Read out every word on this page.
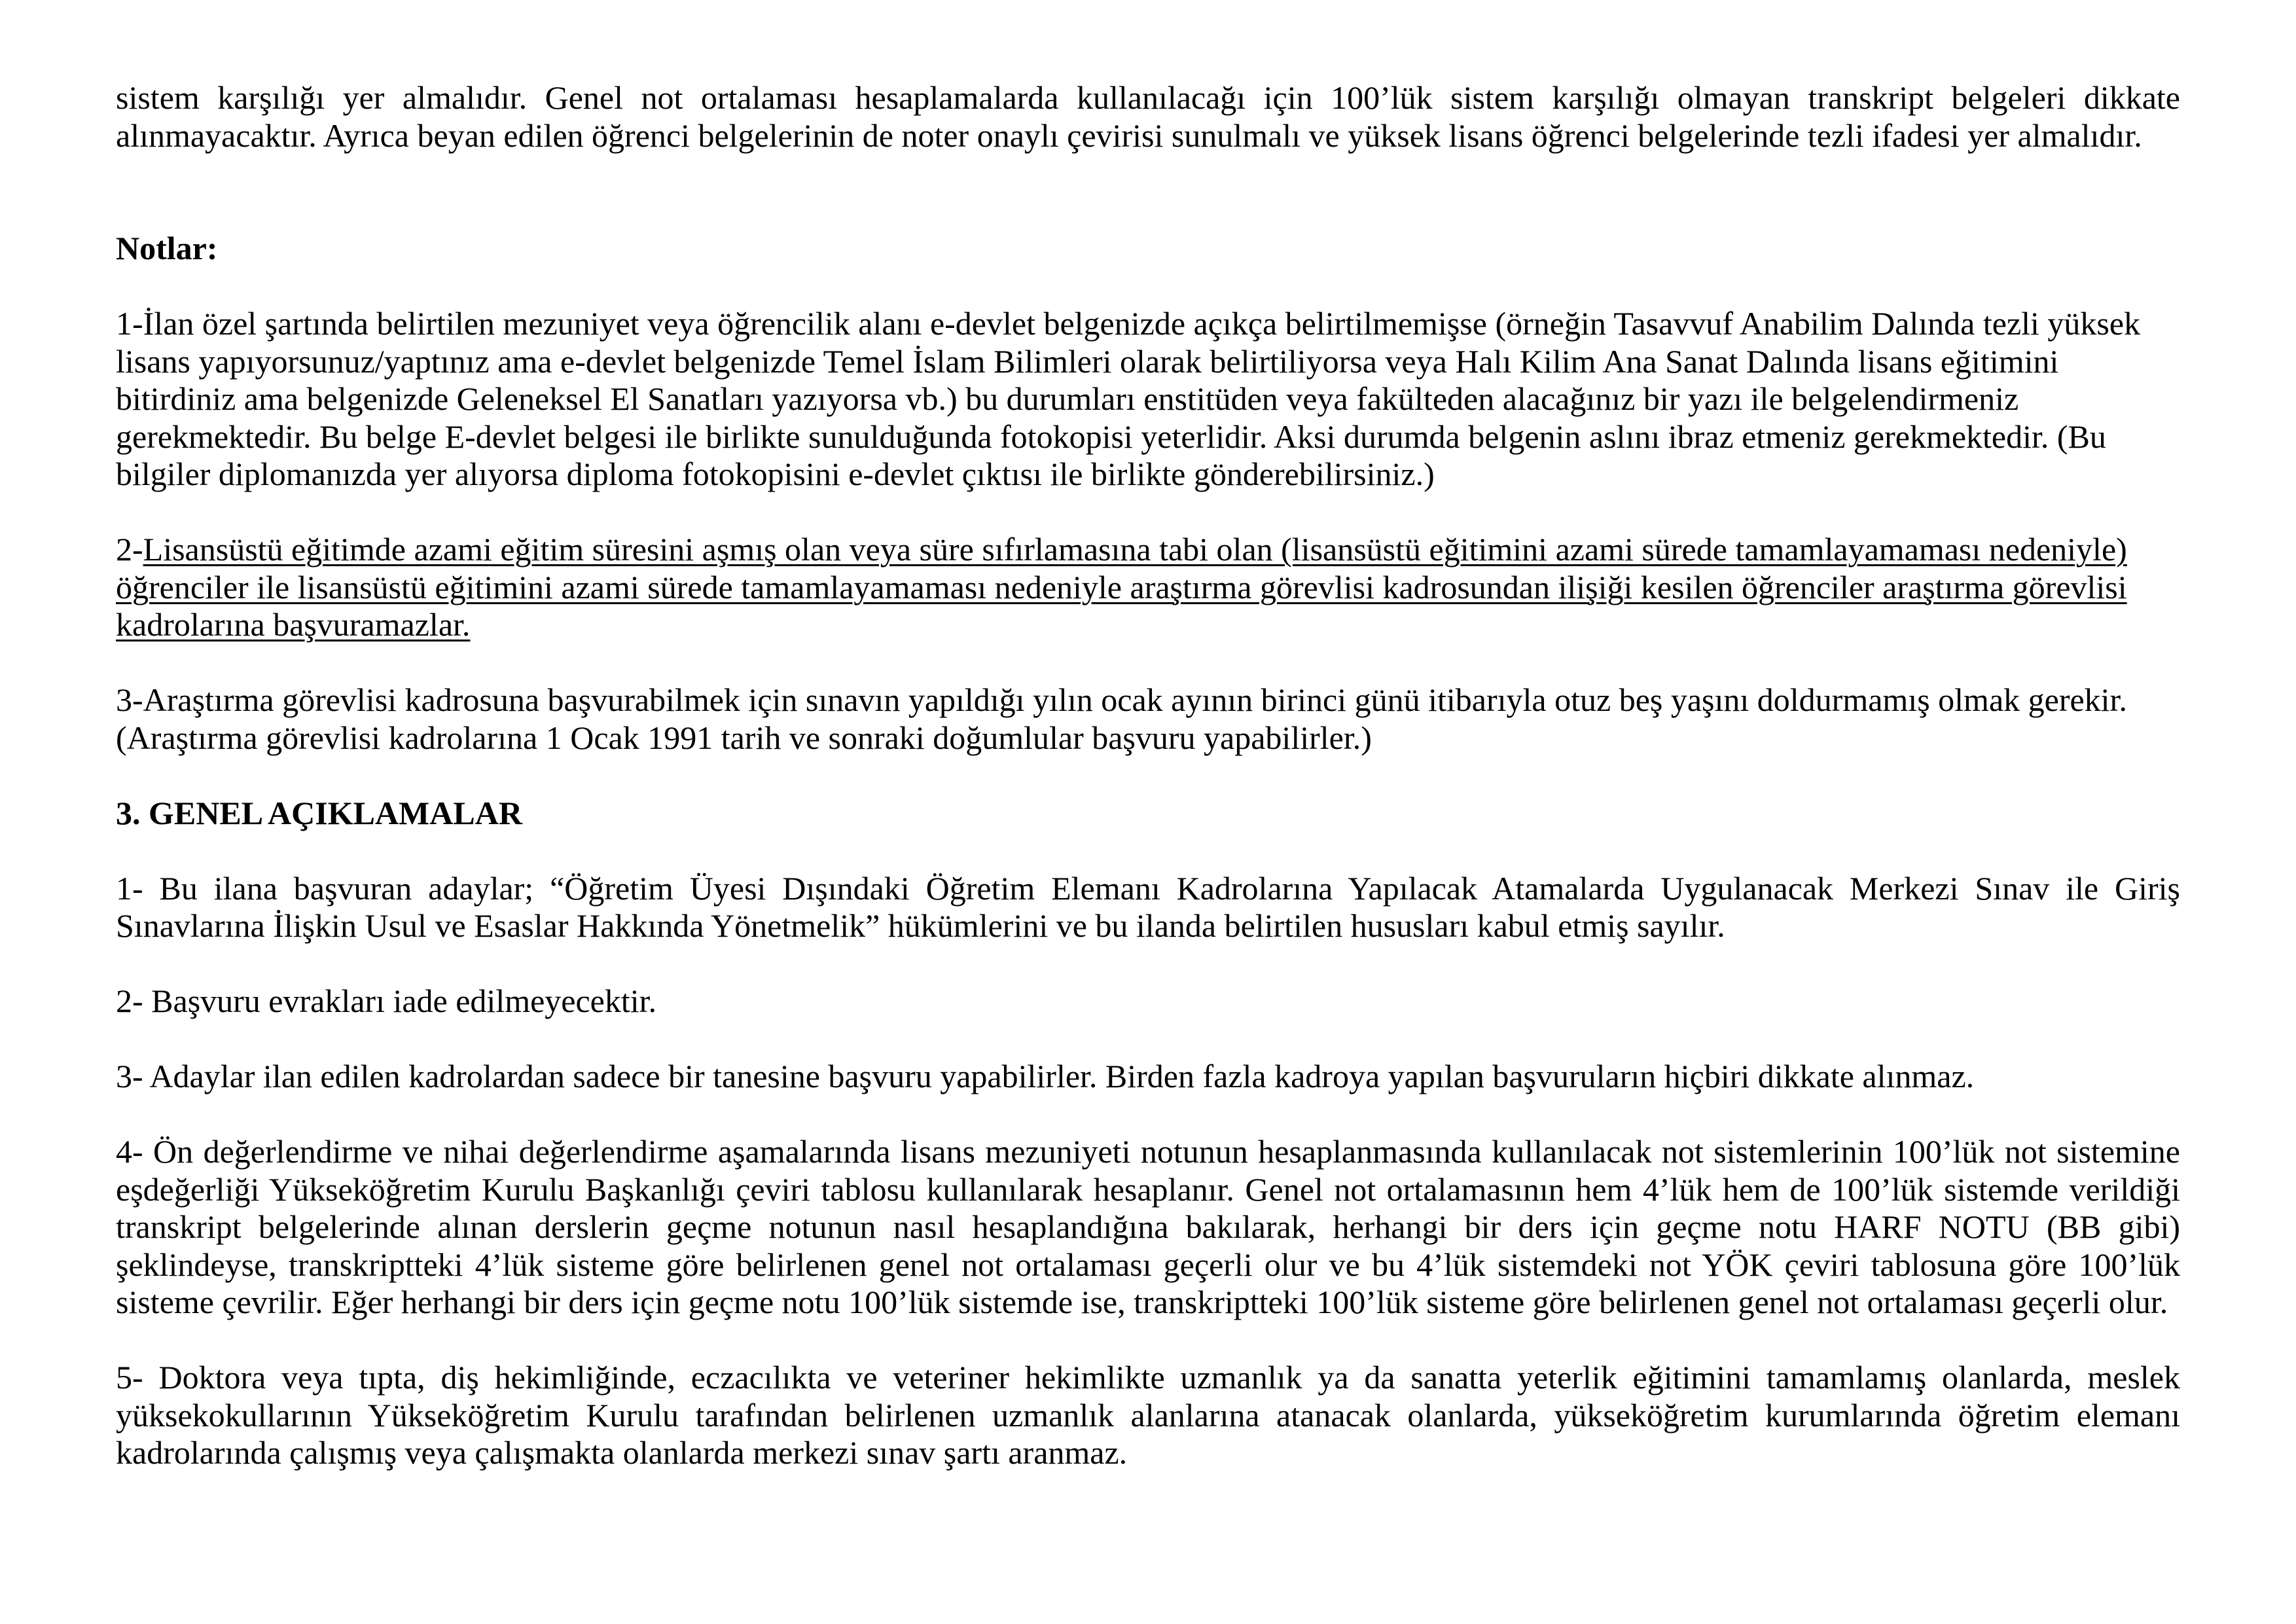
sistem karşılığı yer almalıdır. Genel not ortalaması hesaplamalarda kullanılacağı için 100’lük sistem karşılığı olmayan transkript belgeleri dikkate
alınmayacaktır. Ayrıca beyan edilen öğrenci belgelerinin de noter onaylı çevirisi sunulmalı ve yüksek lisans öğrenci belgelerinde tezli ifadesi yer almalıdır.
Notlar:
1-İlan özel şartında belirtilen mezuniyet veya öğrencilik alanı e-devlet belgenizde açıkça belirtilmemişse (örneğin Tasavvuf Anabilim Dalında tezli yüksek
lisans yapıyorsunuz/yaptınız ama e-devlet belgenizde Temel İslam Bilimleri olarak belirtiliyorsa veya Halı Kilim Ana Sanat Dalında lisans eğitimini
bitirdiniz ama belgenizde Geleneksel El Sanatları yazıyorsa vb.) bu durumları enstitüden veya fakülteden alacağınız bir yazı ile belgelendirmeniz
gerekmektedir. Bu belge E-devlet belgesi ile birlikte sunulduğunda fotokopisi yeterlidir. Aksi durumda belgenin aslını ibraz etmeniz gerekmektedir. (Bu
bilgiler diplomanızda yer alıyorsa diploma fotokopisini e-devlet çıktısı ile birlikte gönderebilirsiniz.)
2-Lisansüstü eğitimde azami eğitim süresini aşmış olan veya süre sıfırlamasına tabi olan (lisansüstü eğitimini azami sürede tamamlayamaması nedeniyle)
öğrenciler ile lisansüstü eğitimini azami sürede tamamlayamaması nedeniyle araştırma görevlisi kadrosundan ilişiği kesilen öğrenciler araştırma görevlisi
kadrolarına başvuramazlar.
3-Araştırma görevlisi kadrosuna başvurabilmek için sınavın yapıldığı yılın ocak ayının birinci günü itibarıyla otuz beş yaşını doldurmamış olmak gerekir.
(Araştırma görevlisi kadrolarına 1 Ocak 1991 tarih ve sonraki doğumlular başvuru yapabilirler.)
3. GENEL AÇIKLAMALAR
1- Bu ilana başvuran adaylar; “Öğretim Üyesi Dışındaki Öğretim Elemanı Kadrolarına Yapılacak Atamalarda Uygulanacak Merkezi Sınav ile Giriş
Sınavlarına İlişkin Usul ve Esaslar Hakkında Yönetmelik” hükümlerini ve bu ilanda belirtilen hususları kabul etmiş sayılır.
2- Başvuru evrakları iade edilmeyecektir.
3- Adaylar ilan edilen kadrolardan sadece bir tanesine başvuru yapabilirler. Birden fazla kadroya yapılan başvuruların hiçbiri dikkate alınmaz.
4- Ön değerlendirme ve nihai değerlendirme aşamalarında lisans mezuniyeti notunun hesaplanmasında kullanılacak not sistemlerinin 100’lük not sistemine
eşdeğerliği Yükseköğretim Kurulu Başkanlığı çeviri tablosu kullanılarak hesaplanır. Genel not ortalamasının hem 4’lük hem de 100’lük sistemde verildiği
transkript belgelerinde alınan derslerin geçme notunun nasıl hesaplandığına bakılarak, herhangi bir ders için geçme notu HARF NOTU (BB gibi)
şeklindeyse, transkriptteki 4’lük sisteme göre belirlenen genel not ortalaması geçerli olur ve bu 4’lük sistemdeki not YÖK çeviri tablosuna göre 100’lük
sisteme çevrilir. Eğer herhangi bir ders için geçme notu 100’lük sistemde ise, transkriptteki 100’lük sisteme göre belirlenen genel not ortalaması geçerli olur.
5- Doktora veya tıpta, diş hekimliğinde, eczacılıkta ve veteriner hekimlikte uzmanlık ya da sanatta yeterlik eğitimini tamamlamış olanlarda, meslek
yüksekokullarının Yükseköğretim Kurulu tarafından belirlenen uzmanlık alanlarına atanacak olanlarda, yükseköğretim kurumlarında öğretim elemanı
kadrolarında çalışmış veya çalışmakta olanlarda merkezi sınav şartı aranmaz.
